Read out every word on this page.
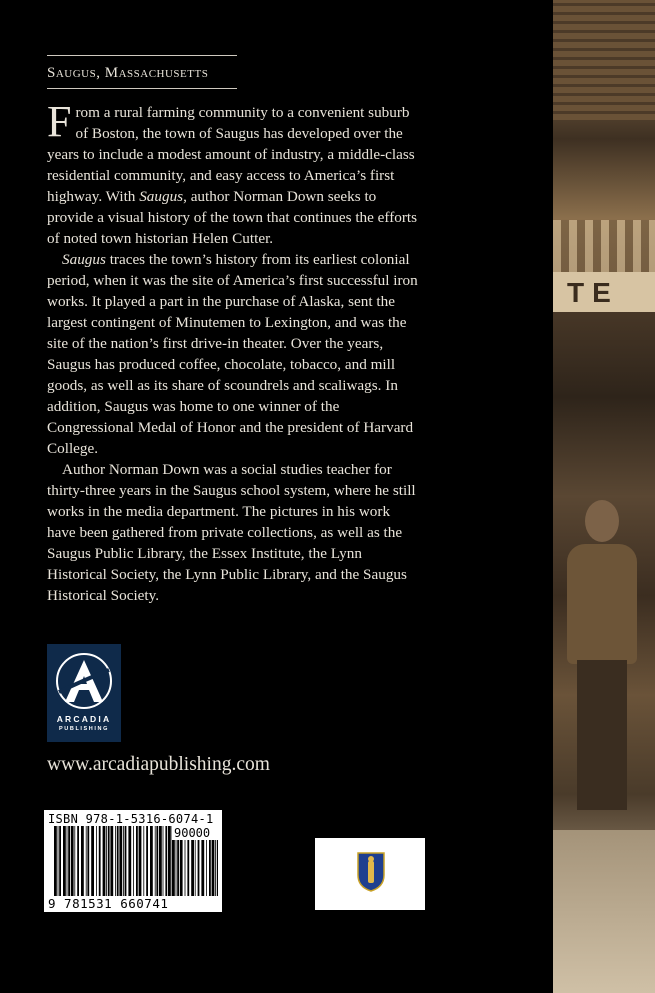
TE
Saugus, Massachusetts

From a rural farming community to a convenient suburb of Boston, the town of Saugus has developed over the years to include a modest amount of industry, a middle-class residential community, and easy access to America’s first highway. With Saugus, author Norman Down seeks to provide a visual history of the town that continues the efforts of noted town historian Helen Cutter.

Saugus traces the town’s history from its earliest colonial period, when it was the site of America’s first successful iron works. It played a part in the purchase of Alaska, sent the largest contingent of Minutemen to Lexington, and was the site of the nation’s first drive-in theater. Over the years, Saugus has produced coffee, chocolate, tobacco, and mill goods, as well as its share of scoundrels and scaliwags. In addition, Saugus was home to one winner of the Congressional Medal of Honor and the president of Harvard College.

Author Norman Down was a social studies teacher for thirty-three years in the Saugus school system, where he still works in the media department. The pictures in his work have been gathered from private collections, as well as the Saugus Public Library, the Essex Institute, the Lynn Historical Society, the Lynn Public Library, and the Saugus Historical Society.

ARCADIA
PUBLISHING
www.arcadiapublishing.com
ISBN 978-1-5316-6074-1
90000
9 781531 660741
